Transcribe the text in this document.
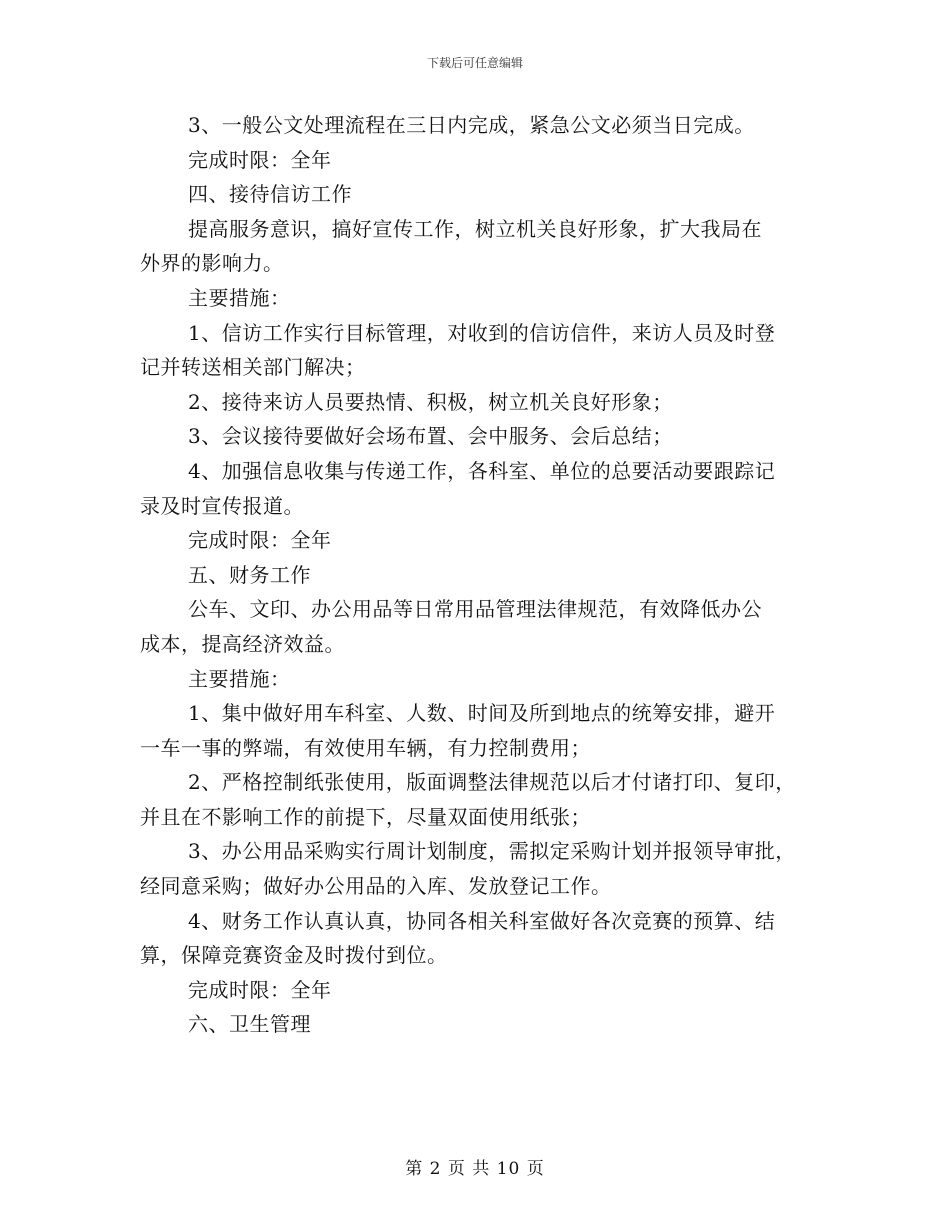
下载后可任意编辑
3、一般公文处理流程在三日内完成，紧急公文必须当日完成。
完成时限：全年
四、接待信访工作
提高服务意识，搞好宣传工作，树立机关良好形象，扩大我局在
外界的影响力。
主要措施：
1、信访工作实行目标管理，对收到的信访信件，来访人员及时登
记并转送相关部门解决；
2、接待来访人员要热情、积极，树立机关良好形象；
3、会议接待要做好会场布置、会中服务、会后总结；
4、加强信息收集与传递工作，各科室、单位的总要活动要跟踪记
录及时宣传报道。
完成时限：全年
五、财务工作
公车、文印、办公用品等日常用品管理法律规范，有效降低办公
成本，提高经济效益。
主要措施：
1、集中做好用车科室、人数、时间及所到地点的统筹安排，避开
一车一事的弊端，有效使用车辆，有力控制费用；
2、严格控制纸张使用，版面调整法律规范以后才付诸打印、复印，
并且在不影响工作的前提下，尽量双面使用纸张；
3、办公用品采购实行周计划制度，需拟定采购计划并报领导审批，
经同意采购；做好办公用品的入库、发放登记工作。
4、财务工作认真认真，协同各相关科室做好各次竞赛的预算、结
算，保障竞赛资金及时拨付到位。
完成时限：全年
六、卫生管理
第 2 页 共 10 页
